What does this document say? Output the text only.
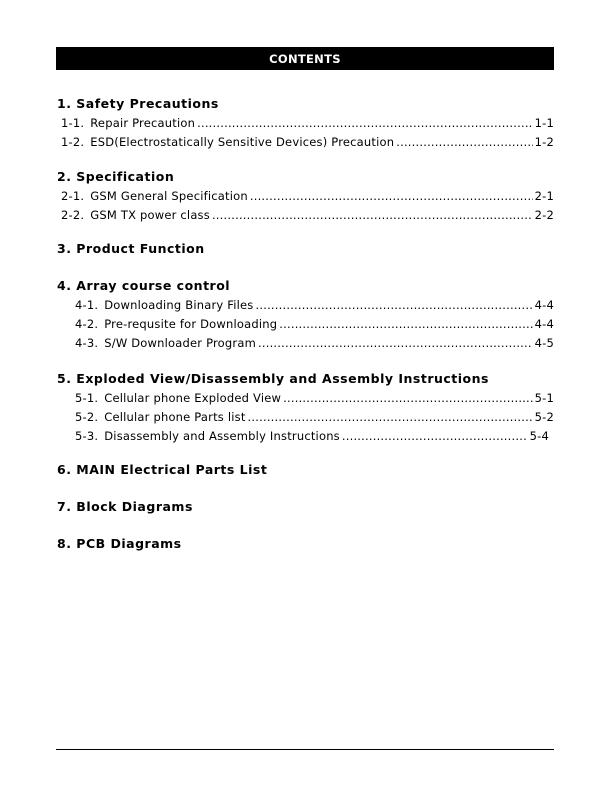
CONTENTS
1. Safety Precautions
1-1. Repair Precaution .....	1-1
1-2. ESD(Electrostatically Sensitive Devices) Precaution .....	1-2
2. Specification
2-1. GSM General Specification .....	2-1
2-2. GSM TX power class .....	2-2
3. Product Function
4. Array course control
4-1. Downloading Binary Files .....	4-4
4-2. Pre-requsite for Downloading .....	4-4
4-3. S/W Downloader Program .....	4-5
5. Exploded View/Disassembly and Assembly Instructions
5-1. Cellular phone Exploded View .....	5-1
5-2. Cellular phone Parts list .....	5-2
5-3. Disassembly and Assembly Instructions .....	5-4
6. MAIN Electrical Parts List
7. Block Diagrams
8. PCB Diagrams
